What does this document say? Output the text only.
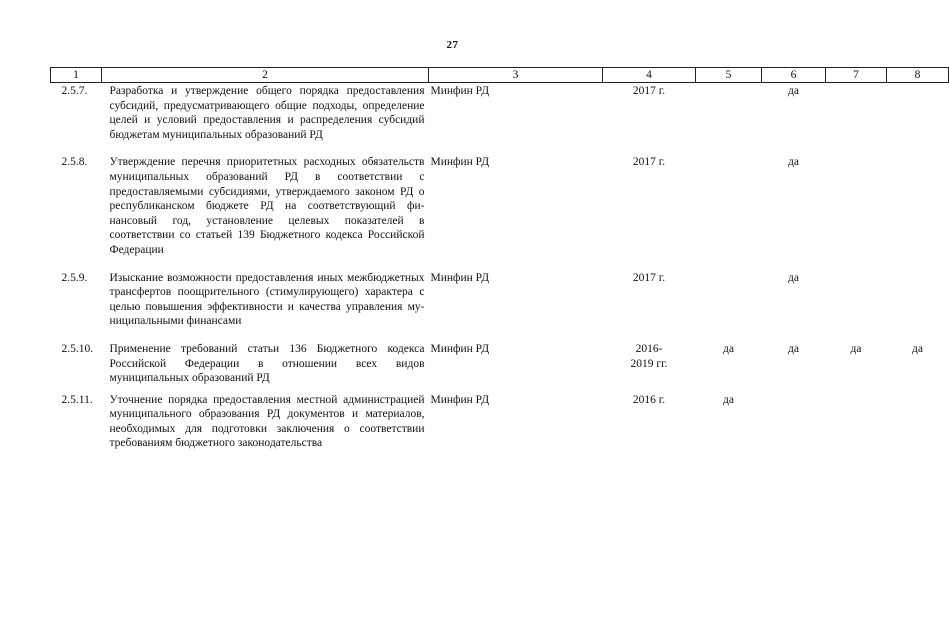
27
1	2	3	4	5	6	7	8
2.5.7.	Разработка и утверждение общего порядка предоставления субсидий, предусматривающего общие подходы, определение целей и условий предоставления и распределения субсидий бюджетам муниципальных образований РД	Минфин РД	2017 г.		да		

2.5.8.	Утверждение перечня приоритетных расходных обязательств муниципальных образований РД в соответствии с предоставляемыми субсидиями, утверждаемого законом РД о республиканском бюджете РД на соответствующий финансовый год, установление целевых показателей в соответствии со статьей 139 Бюджетного кодекса Российской Федерации	Минфин РД	2017 г.		да		

2.5.9.	Изыскание возможности предоставления иных межбюджетных трансфертов поощрительного (стимулирующего) характера с целью повышения эффективности и качества управления муниципальными финансами	Минфин РД	2017 г.		да		

2.5.10.	Применение требований статьи 136 Бюджетного кодекса Российской Федерации в отношении всех видов муниципальных образований РД	Минфин РД	2016-
2019 гг.	да	да	да	да

2.5.11.	Уточнение порядка предоставления местной администрацией муниципального образования РД документов и материалов, необходимых для подготовки заключения о соответствии требованиям бюджетного законодательства	Минфин РД	2016 г.	да			
